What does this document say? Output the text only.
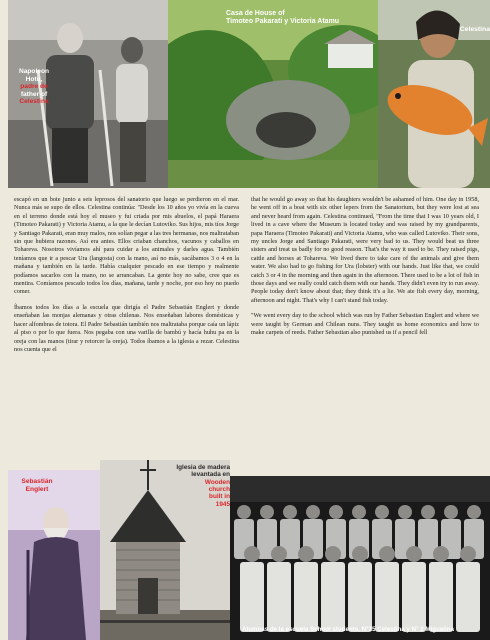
Napoleon
Hotu,
padre de
father of
Celestina
Casa de House of
Timoteo Pakarati y Victoria Atamu
Celestina

escapó en un bote junto a seis leprosos del sanatorio que luego se perdieron en el mar. Nunca más se supo de ellos. Celestina continúa: "Desde los 10 años yo vivía en la cueva en el terreno donde está hoy el museo y fui criada por mis abuelos, el papá Haraera (Timoteo Pakarati) y Victoria Atamu, a la que le decían Lutoviko. Sus hijos, mis tíos Jorge y Santiago Pakarati, eran muy malos, nos solían pegar a las tres hermanas, nos maltrataban sin que hubiera razones. Así era antes. Ellos criaban chanchos, vacunos y caballos en Tohareva. Nosotros vivíamos ahí para cuidar a los animales y darles agua. También teníamos que ir a pescar Ura (langosta) con la mano, así no más, sacábamos 3 o 4 en la mañana y también en la tarde. Había cualquier pescado en ese tiempo y realmente podíamos sacarlos con la mano, no se arrancaban. La gente hoy no sabe, cree que es mentira. Comíamos pescado todos los días, mañana, tarde y noche, por eso hoy no puedo comer.

Íbamos todos los días a la escuela que dirigía el Padre Sebastián Englert y donde enseñaban las monjas alemanas y otras chilenas. Nos enseñaban labores domésticas y hacer alfombras de totora. El Padre Sebastián también nos maltrataba porque caía un lápiz al piso o por lo que fuera. Nos pegaba con una varilla de bambú y hacía huhu pa en la oreja con las manos (tirar y retorcer la oreja). Todos íbamos a la iglesia a rezar. Celestina nos cuenta que el

that he would go away so that his daughters wouldn't be ashamed of him. One day in 1958, he went off in a boat with six other lepers from the Sanatorium, but they were lost at sea and never heard from again. Celestina continued, "From the time that I was 10 years old, I lived in a cave where the Museum is located today and was raised by my grandparents, papa Haraera (Timoteo Pakarati) and Victoria Atamu, who was called Lutoviko. Their sons, my uncles Jorge and Santiago Pakarati, were very bad to us. They would beat us three sisters and treat us badly for no good reason. That's the way it used to be. They raised pigs, cattle and horses at Tohareva. We lived there to take care of the animals and give them water. We also had to go fishing for Ura (lobster) with our hands. Just like that, we could catch 3 or 4 in the morning and then again in the afternoon. There used to be a lot of fish in those days and we really could catch them with our hands. They didn't even try to run away. People today don't know about that; they think it's a lie. We ate fish every day, morning, afternoon and night. That's why I can't stand fish today.

"We went every day to the school which was run by Father Sebastian Englert and where we were taught by German and Chilean nuns. They taught us home economics and how to make carpets of reeds. Father Sebastian also punished us if a pencil fell

Sebastián
Englert
Iglesia de madera
levantada en
Wooden
church
built in
1945
Alumnas de la escuela School students, N°15 Celestina y N° 2 Miguelina
